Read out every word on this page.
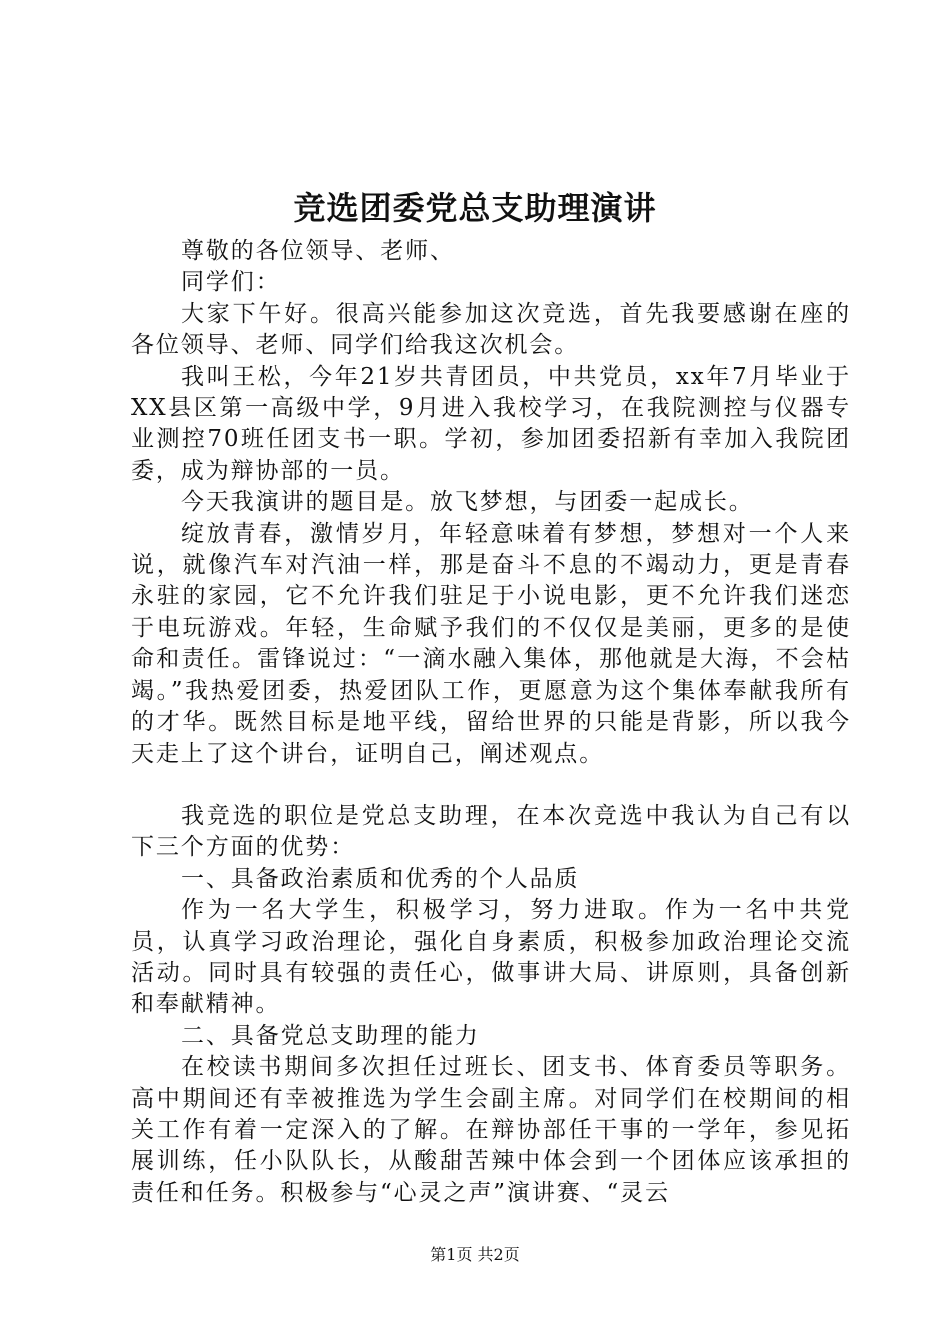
竞选团委党总支助理演讲

尊敬的各位领导、老师、

同学们：

大家下午好。很高兴能参加这次竞选，首先我要感谢在座的各位领导、老师、同学们给我这次机会。

我叫王松，今年21岁共青团员，中共党员，xx年7月毕业于XX县区第一高级中学，9月进入我校学习，在我院测控与仪器专业测控70班任团支书一职。学初，参加团委招新有幸加入我院团委，成为辩协部的一员。

今天我演讲的题目是。放飞梦想，与团委一起成长。

绽放青春，激情岁月，年轻意味着有梦想，梦想对一个人来说，就像汽车对汽油一样，那是奋斗不息的不竭动力，更是青春永驻的家园，它不允许我们驻足于小说电影，更不允许我们迷恋于电玩游戏。年轻，生命赋予我们的不仅仅是美丽，更多的是使命和责任。雷锋说过：“一滴水融入集体，那他就是大海，不会枯竭。”我热爱团委，热爱团队工作，更愿意为这个集体奉献我所有的才华。既然目标是地平线，留给世界的只能是背影，所以我今天走上了这个讲台，证明自己，阐述观点。

我竞选的职位是党总支助理，在本次竞选中我认为自己有以下三个方面的优势：

一、具备政治素质和优秀的个人品质

作为一名大学生，积极学习，努力进取。作为一名中共党员，认真学习政治理论，强化自身素质，积极参加政治理论交流活动。同时具有较强的责任心，做事讲大局、讲原则，具备创新和奉献精神。

二、具备党总支助理的能力

在校读书期间多次担任过班长、团支书、体育委员等职务。高中期间还有幸被推选为学生会副主席。对同学们在校期间的相关工作有着一定深入的了解。在辩协部任干事的一学年，参见拓展训练，任小队队长，从酸甜苦辣中体会到一个团体应该承担的责任和任务。积极参与“心灵之声”演讲赛、“灵云

第1页 共2页
